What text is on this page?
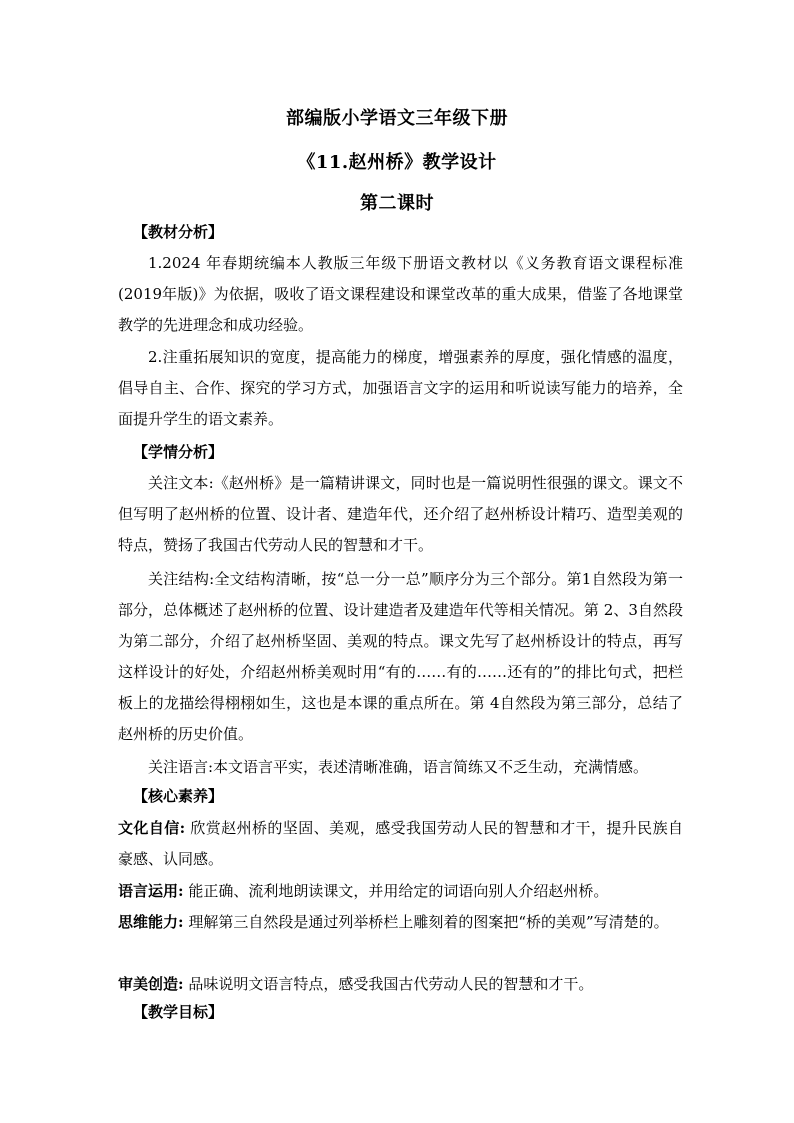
部编版小学语文三年级下册
《11.赵州桥》教学设计
第二课时
【教材分析】

1.2024 年春期统编本人教版三年级下册语文教材以《义务教育语文课程标准(2019年版)》为依据，吸收了语文课程建设和课堂改革的重大成果，借鉴了各地课堂教学的先进理念和成功经验。

2.注重拓展知识的宽度，提高能力的梯度，增强素养的厚度，强化情感的温度，倡导自主、合作、探究的学习方式，加强语言文字的运用和听说读写能力的培养，全面提升学生的语文素养。

【学情分析】

关注文本:《赵州桥》是一篇精讲课文，同时也是一篇说明性很强的课文。课文不但写明了赵州桥的位置、设计者、建造年代，还介绍了赵州桥设计精巧、造型美观的特点，赞扬了我国古代劳动人民的智慧和才干。

关注结构:全文结构清晰，按“总一分一总”顺序分为三个部分。第1自然段为第一部分，总体概述了赵州桥的位置、设计建造者及建造年代等相关情况。第 2、3自然段为第二部分，介绍了赵州桥坚固、美观的特点。课文先写了赵州桥设计的特点，再写这样设计的好处，介绍赵州桥美观时用“有的……有的……还有的”的排比句式，把栏板上的龙描绘得栩栩如生，这也是本课的重点所在。第 4自然段为第三部分，总结了赵州桥的历史价值。

关注语言:本文语言平实，表述清晰准确，语言简练又不乏生动，充满情感。

【核心素养】

文化自信: 欣赏赵州桥的坚固、美观，感受我国劳动人民的智慧和才干，提升民族自豪感、认同感。

语言运用: 能正确、流利地朗读课文，并用给定的词语向别人介绍赵州桥。

思维能力: 理解第三自然段是通过列举桥栏上雕刻着的图案把“桥的美观”写清楚的。

审美创造: 品味说明文语言特点，感受我国古代劳动人民的智慧和才干。

【教学目标】
